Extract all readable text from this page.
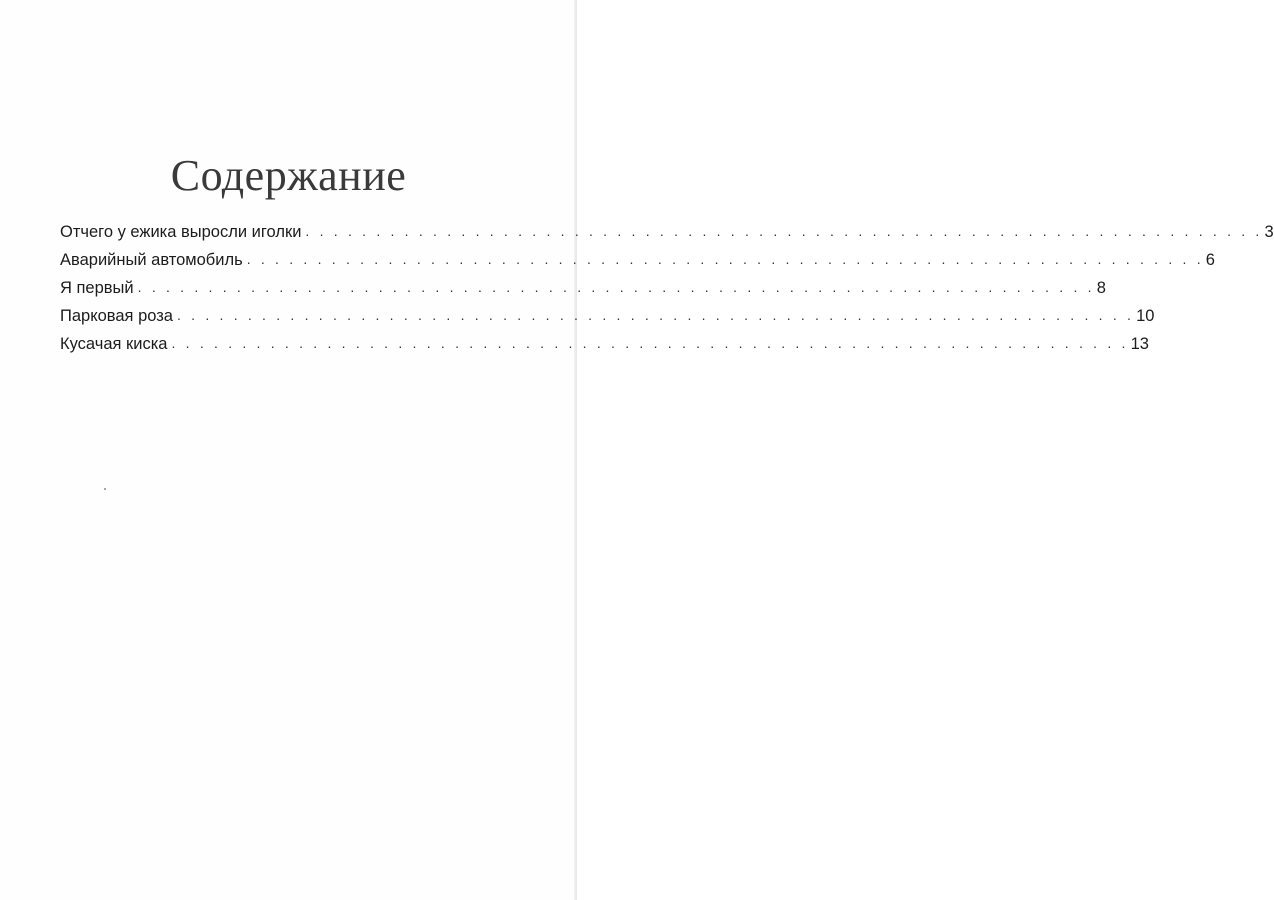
Содержание
Отчего у ежика выросли иголки . . . . . . . . . . . . . . . . . . . . . . . . . . . . . . . . . . . . . . . . . . . . . . . . . . . . . . . . . . . . . . . . . . . . 3
Аварийный автомобиль . . . . . . . . . . . . . . . . . . . . . . . . . . . . . . . . . . . . . . . . . . . . . . . . . . . . . . . . . . . . . . . . . . . . 6
Я первый . . . . . . . . . . . . . . . . . . . . . . . . . . . . . . . . . . . . . . . . . . . . . . . . . . . . . . . . . . . . . . . . . . . . 8
Парковая роза . . . . . . . . . . . . . . . . . . . . . . . . . . . . . . . . . . . . . . . . . . . . . . . . . . . . . . . . . . . . . . . . . . . . 10
Кусачая киска . . . . . . . . . . . . . . . . . . . . . . . . . . . . . . . . . . . . . . . . . . . . . . . . . . . . . . . . . . . . . . . . . . . . 13
